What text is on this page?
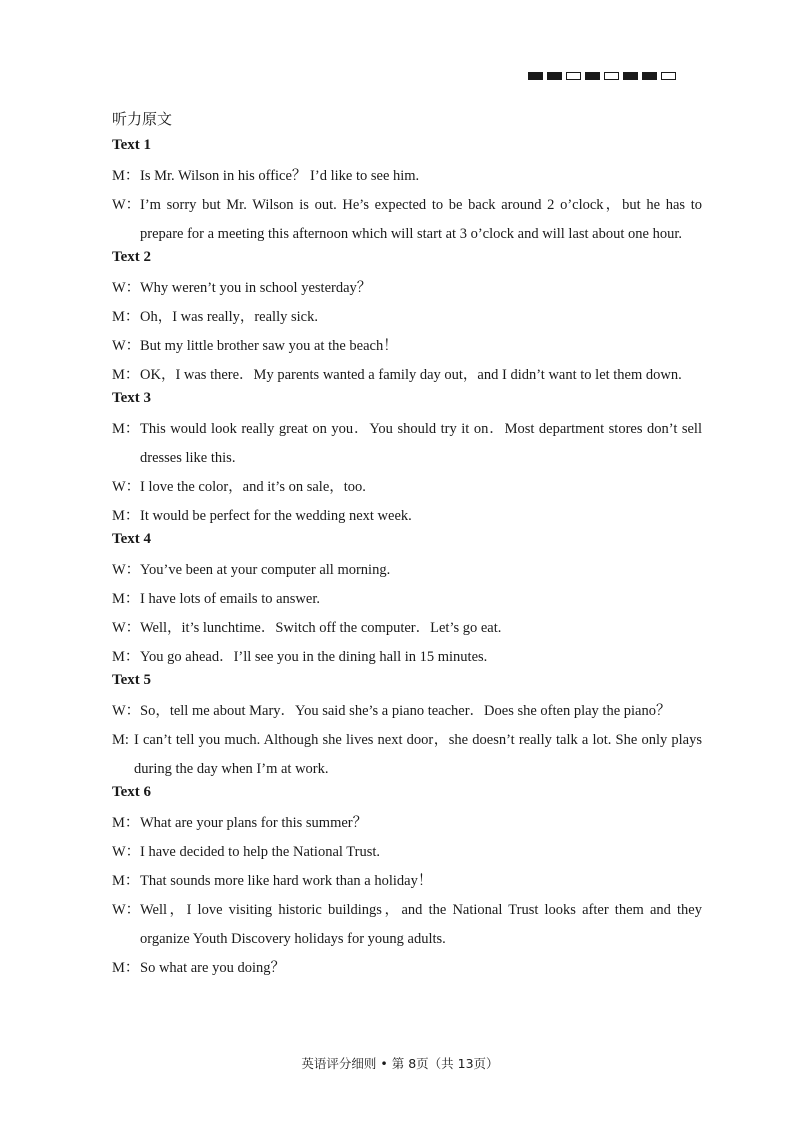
听力原文
Text 1
M： Is Mr. Wilson in his office？ I’d like to see him.
W： I’m sorry but Mr. Wilson is out. He’s expected to be back around 2 o’clock，but he has to prepare for a meeting this afternoon which will start at 3 o’clock and will last about one hour.
Text 2
W： Why weren’t you in school yesterday？
M： Oh，I was really，really sick.
W： But my little brother saw you at the beach！
M： OK，I was there．My parents wanted a family day out，and I didn’t want to let them down.
Text 3
M： This would look really great on you．You should try it on．Most department stores don’t sell dresses like this.
W： I love the color，and it’s on sale，too.
M： It would be perfect for the wedding next week.
Text 4
W： You’ve been at your computer all morning.
M： I have lots of emails to answer.
W： Well，it’s lunchtime．Switch off the computer．Let’s go eat.
M： You go ahead．I’ll see you in the dining hall in 15 minutes.
Text 5
W： So，tell me about Mary．You said she’s a piano teacher．Does she often play the piano？
M: I can’t tell you much. Although she lives next door，she doesn’t really talk a lot. She only plays during the day when I’m at work.
Text 6
M： What are your plans for this summer？
W： I have decided to help the National Trust.
M： That sounds more like hard work than a holiday！
W： Well，I love visiting historic buildings，and the National Trust looks after them and they organize Youth Discovery holidays for young adults.
M： So what are you doing？
英语评分细则 • 第 8页（共 13页）
